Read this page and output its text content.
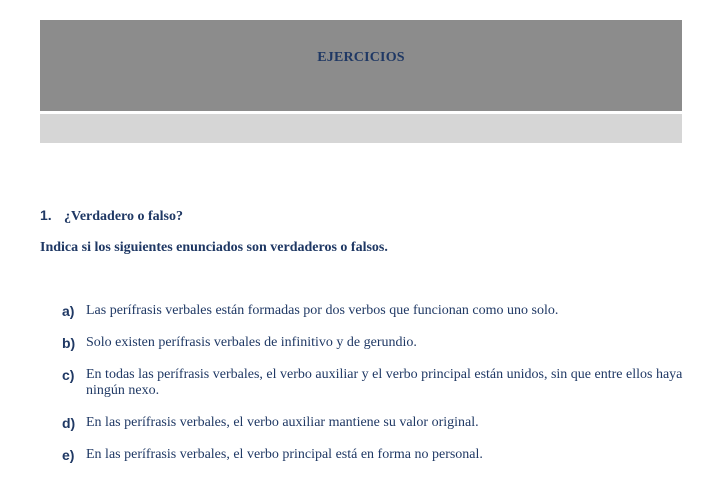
EJERCICIOS
1. ¿Verdadero o falso?
Indica si los siguientes enunciados son verdaderos o falsos.
a) Las perífrasis verbales están formadas por dos verbos que funcionan como uno solo.
b) Solo existen perífrasis verbales de infinitivo y de gerundio.
c) En todas las perífrasis verbales, el verbo auxiliar y el verbo principal están unidos, sin que entre ellos haya ningún nexo.
d) En las perífrasis verbales, el verbo auxiliar mantiene su valor original.
e) En las perífrasis verbales, el verbo principal está en forma no personal.
